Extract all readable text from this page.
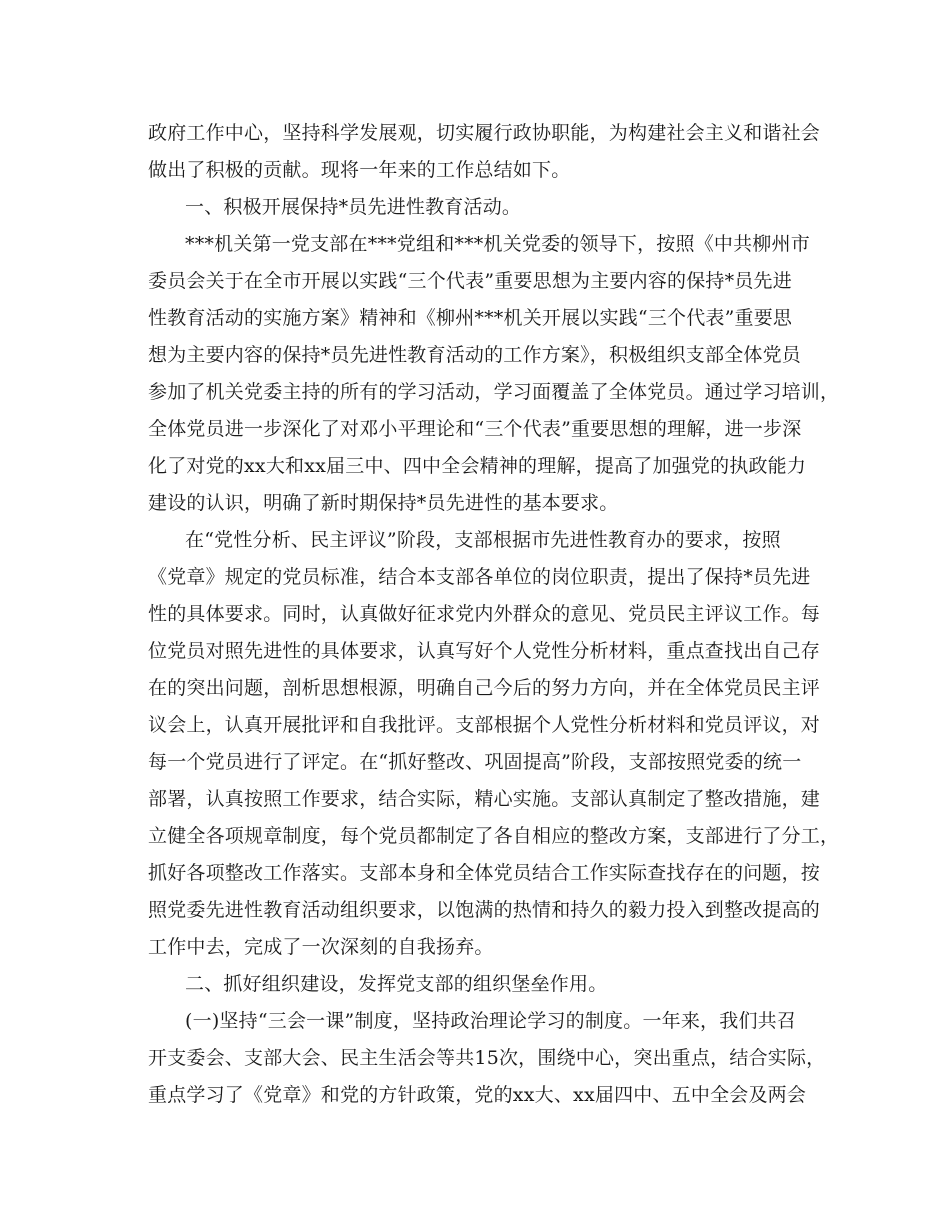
政府工作中心，坚持科学发展观，切实履行政协职能，为构建社会主义和谐社会
做出了积极的贡献。现将一年来的工作总结如下。
一、积极开展保持*员先进性教育活动。
***机关第一党支部在***党组和***机关党委的领导下，按照《中共柳州市
委员会关于在全市开展以实践“三个代表”重要思想为主要内容的保持*员先进
性教育活动的实施方案》精神和《柳州***机关开展以实践“三个代表”重要思
想为主要内容的保持*员先进性教育活动的工作方案》，积极组织支部全体党员
参加了机关党委主持的所有的学习活动，学习面覆盖了全体党员。通过学习培训，
全体党员进一步深化了对邓小平理论和“三个代表”重要思想的理解，进一步深
化了对党的xx大和xx届三中、四中全会精神的理解，提高了加强党的执政能力
建设的认识，明确了新时期保持*员先进性的基本要求。
在“党性分析、民主评议”阶段，支部根据市先进性教育办的要求，按照
《党章》规定的党员标准，结合本支部各单位的岗位职责，提出了保持*员先进
性的具体要求。同时，认真做好征求党内外群众的意见、党员民主评议工作。每
位党员对照先进性的具体要求，认真写好个人党性分析材料，重点查找出自己存
在的突出问题，剖析思想根源，明确自己今后的努力方向，并在全体党员民主评
议会上，认真开展批评和自我批评。支部根据个人党性分析材料和党员评议，对
每一个党员进行了评定。在“抓好整改、巩固提高”阶段，支部按照党委的统一
部署，认真按照工作要求，结合实际，精心实施。支部认真制定了整改措施，建
立健全各项规章制度，每个党员都制定了各自相应的整改方案，支部进行了分工，
抓好各项整改工作落实。支部本身和全体党员结合工作实际查找存在的问题，按
照党委先进性教育活动组织要求，以饱满的热情和持久的毅力投入到整改提高的
工作中去，完成了一次深刻的自我扬弃。
二、抓好组织建设，发挥党支部的组织堡垒作用。
(一)坚持“三会一课”制度，坚持政治理论学习的制度。一年来，我们共召
开支委会、支部大会、民主生活会等共15次，围绕中心，突出重点，结合实际，
重点学习了《党章》和党的方针政策，党的xx大、xx届四中、五中全会及两会
